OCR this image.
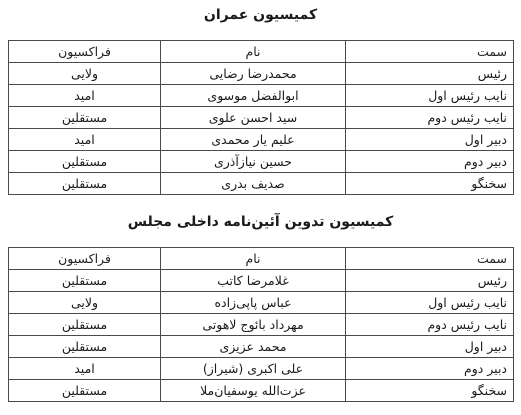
کمیسیون عمران
سمت	نام	فراکسیون
رئیس	محمدرضا رضایی	ولایی
نایب رئیس اول	ابوالفضل موسوی	امید
نایب رئیس دوم	سید احسن علوی	مستقلین
دبیر اول	علیم یار محمدی	امید
دبیر دوم	حسین نیازآذری	مستقلین
سخنگو	صدیف بدری	مستقلین
کمیسیون تدوین آئین‌نامه داخلی مجلس
سمت	نام	فراکسیون
رئیس	غلامرضا کاتب	مستقلین
نایب رئیس اول	عباس پاپی‌زاده	ولایی
نایب رئیس دوم	مهرداد بائوج لاهوتی	مستقلین
دبیر اول	محمد عزیزی	مستقلین
دبیر دوم	علی اکبری (شیراز)	امید
سخنگو	عزت‌الله یوسفیان‌ملا	مستقلین
